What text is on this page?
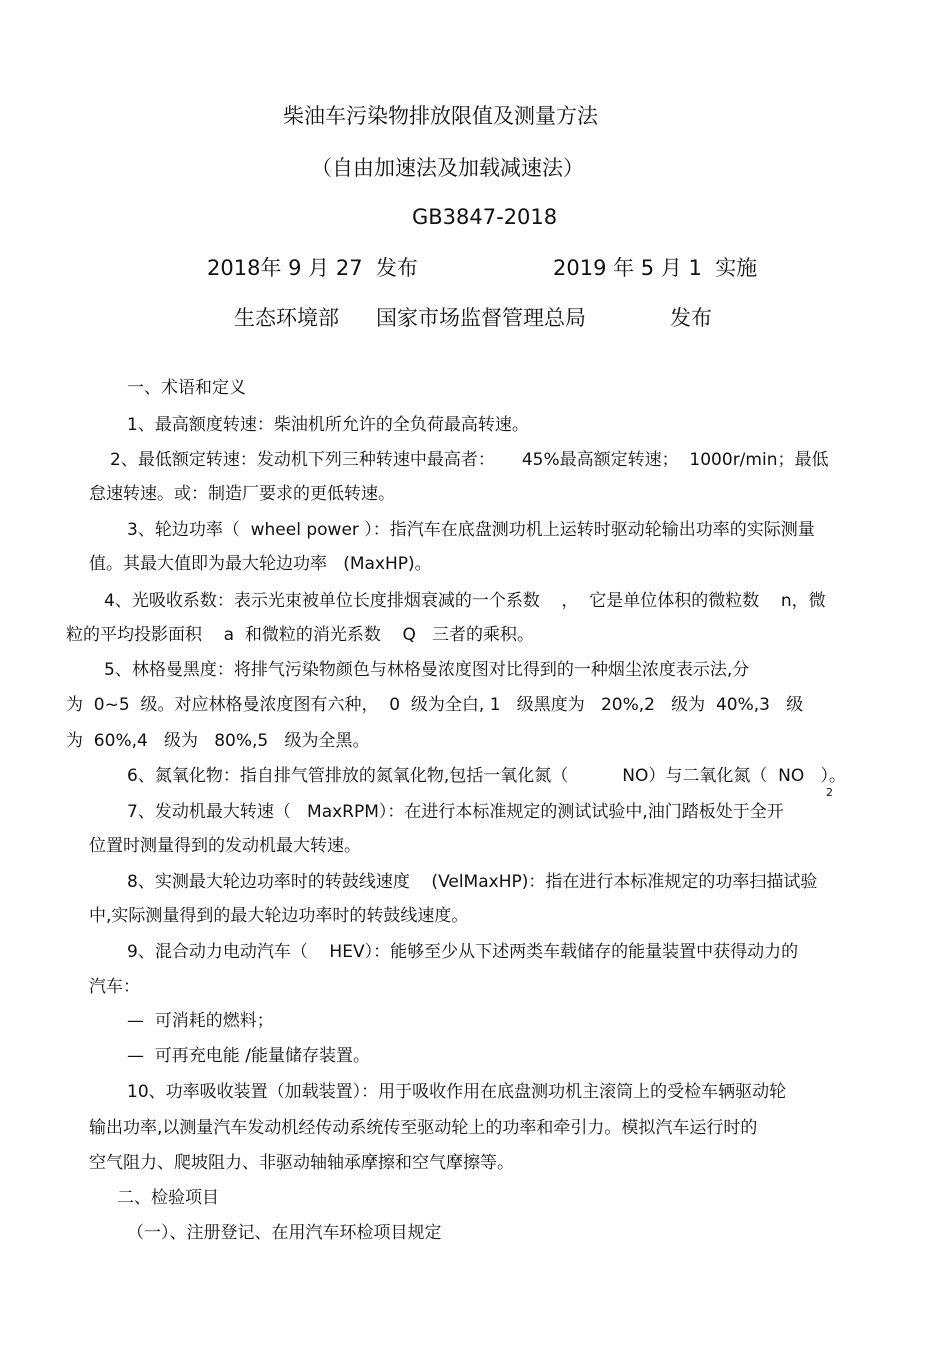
柴油车污染物排放限值及测量方法
（自由加速法及加载减速法）
GB3847-2018
2018年 9 月 27  发布	2019 年 5 月 1  实施
生态环境部 国家市场监督管理总局	发布
一、术语和定义
1、最高额度转速：柴油机所允许的全负荷最高转速。
2、最低额定转速：发动机下列三种转速中最高者：     45%最高额定转速；  1000r/min；最低
怠速转速。或：制造厂要求的更低转速。
3、轮边功率（  wheel power ）：指汽车在底盘测功机上运转时驱动轮输出功率的实际测量
值。其最大值即为最大轮边功率   (MaxHP)。
4、光吸收系数：表示光束被单位长度排烟衰减的一个系数    ，  它是单位体积的微粒数    n，微
粒的平均投影面积    a  和微粒的消光系数    Q   三者的乘积。
5、林格曼黑度：将排气污染物颜色与林格曼浓度图对比得到的一种烟尘浓度表示法,分
为  0~5  级。对应林格曼浓度图有六种，  0  级为全白, 1   级黑度为   20%,2   级为  40%,3   级
为  60%,4   级为   80%,5   级为全黑。
6、氮氧化物：指自排气管排放的氮氧化物,包括一氧化氮（          NO）与二氧化氮（  NO   ）。
2
7、发动机最大转速（   MaxRPM）：在进行本标准规定的测试试验中,油门踏板处于全开
位置时测量得到的发动机最大转速。
8、实测最大轮边功率时的转鼓线速度    (VelMaxHP)：指在进行本标准规定的功率扫描试验
中,实际测量得到的最大轮边功率时的转鼓线速度。
9、混合动力电动汽车（    HEV）：能够至少从下述两类车载储存的能量装置中获得动力的
汽车：
—  可消耗的燃料；
—  可再充电能 /能量储存装置。
10、功率吸收装置（加载装置）：用于吸收作用在底盘测功机主滚筒上的受检车辆驱动轮
输出功率,以测量汽车发动机经传动系统传至驱动轮上的功率和牵引力。模拟汽车运行时的
空气阻力、爬坡阻力、非驱动轴轴承摩擦和空气摩擦等。
二、检验项目
（一）、注册登记、在用汽车环检项目规定
